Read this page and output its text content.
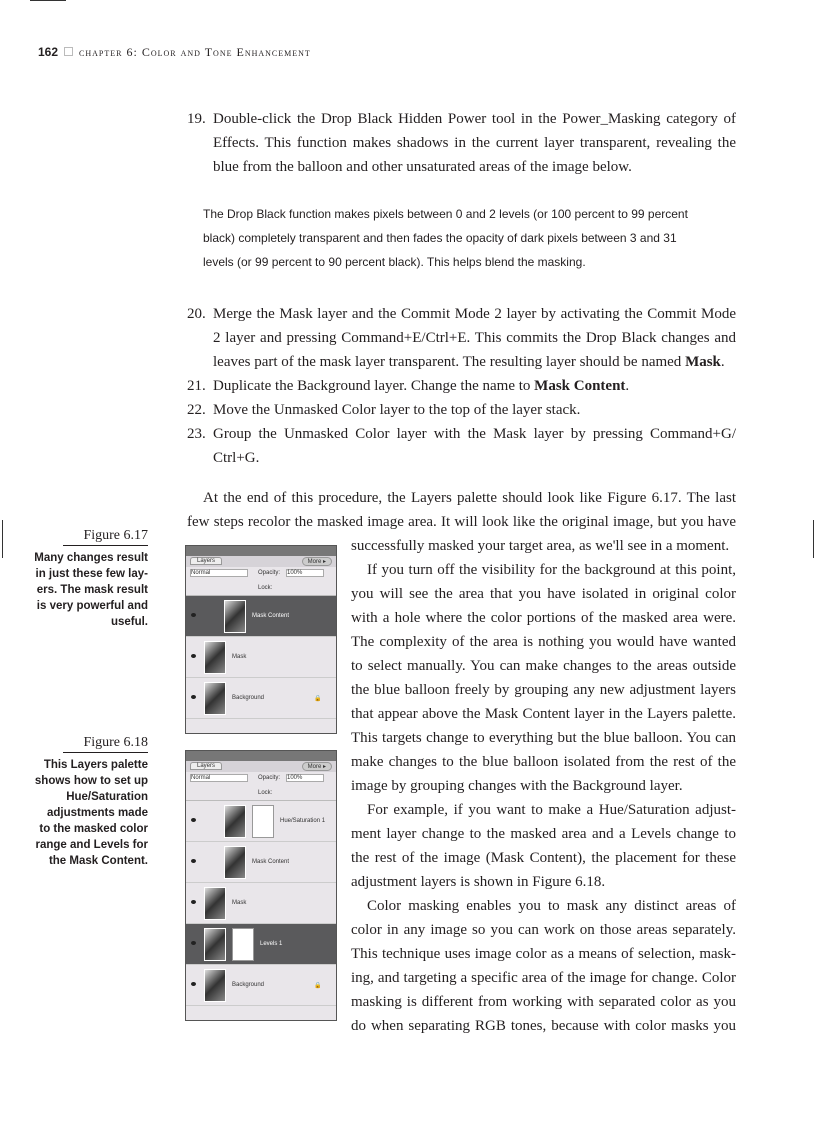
162 chapter 6: Color and Tone Enhancement
19. Double-click the Drop Black Hidden Power tool in the Power_Masking category of
Effects. This function makes shadows in the current layer transparent, revealing the
blue from the balloon and other unsaturated areas of the image below.
20. Merge the Mask layer and the Commit Mode 2 layer by activating the Commit Mode
2 layer and pressing Command+E/Ctrl+E. This commits the Drop Black changes and
leaves part of the mask layer transparent. The resulting layer should be named Mask.
21. Duplicate the Background layer. Change the name to Mask Content.
22. Move the Unmasked Color layer to the top of the layer stack.
23. Group the Unmasked Color layer with the Mask layer by pressing Command+G/
Ctrl+G.
The Drop Black function makes pixels between 0 and 2 levels (or 100 percent to 99 percent
black) completely transparent and then fades the opacity of dark pixels between 3 and 31
levels (or 99 percent to 90 percent black). This helps blend the masking.
At the end of this procedure, the Layers palette should look like Figure 6.17. The last
few steps recolor the masked image area. It will look like the original image, but you have
successfully masked your target area, as we'll see in a moment.
If you turn off the visibility for the background at this point,
you will see the area that you have isolated in original color
with a hole where the color portions of the masked area were.
The complexity of the area is nothing you would have wanted
to select manually. You can make changes to the areas outside
the blue balloon freely by grouping any new adjustment layers
that appear above the Mask Content layer in the Layers palette.
This targets change to everything but the blue balloon. You can
make changes to the blue balloon isolated from the rest of the
image by grouping changes with the Background layer.
For example, if you want to make a Hue/Saturation adjust-
ment layer change to the masked area and a Levels change to
the rest of the image (Mask Content), the placement for these
adjustment layers is shown in Figure 6.18.
Color masking enables you to mask any distinct areas of
color in any image so you can work on those areas separately.
This technique uses image color as a means of selection, mask-
ing, and targeting a specific area of the image for change. Color
masking is different from working with separated color as you
do when separating RGB tones, because with color masks you
Figure 6.17
Many changes result
in just these few lay-
ers. The mask result
is very powerful and
useful.
Layers	More ▸
Normal	Opacity: 100%
Lock:
Mask Content
Mask
Background	🔒
Figure 6.18
This Layers palette
shows how to set up
Hue/Saturation
adjustments made
to the masked color
range and Levels for
the Mask Content.
Layers	More ▸
Normal	Opacity: 100%
Lock:
Hue/Saturation 1
Mask Content
Mask
Levels 1
Background	🔒
